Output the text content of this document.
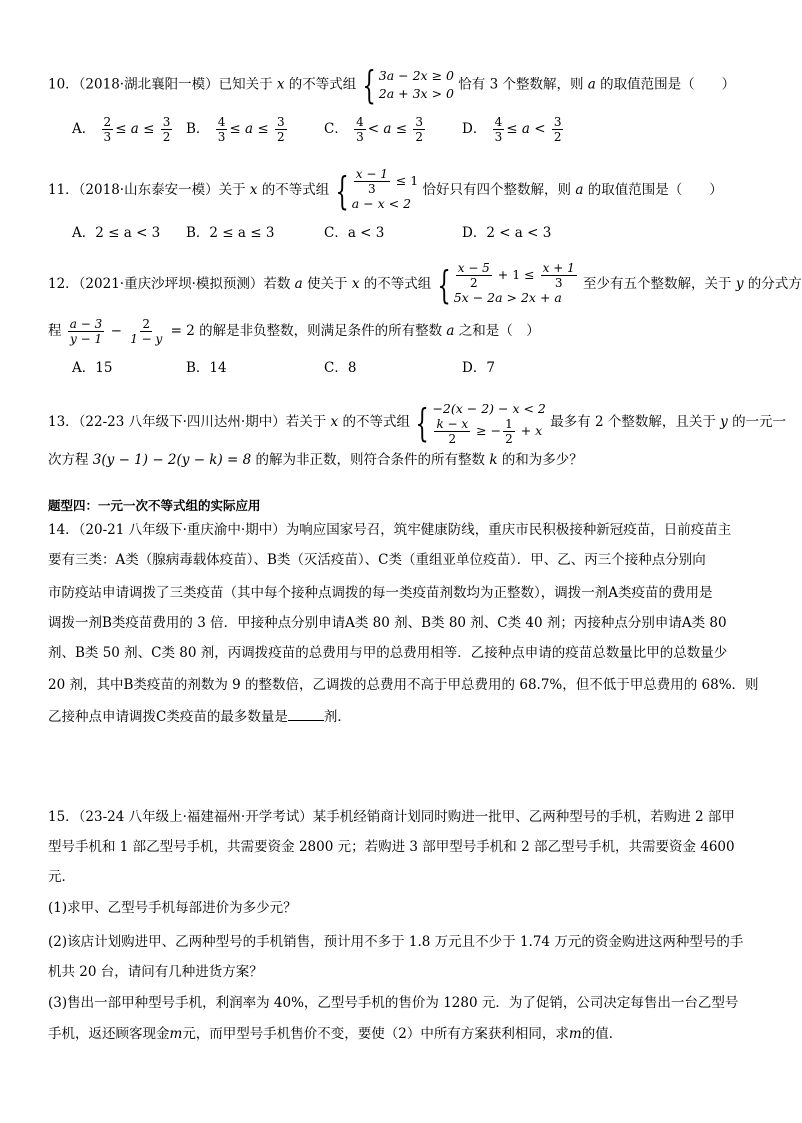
10．（2018·湖北襄阳一模）已知关于 x 的不等式组 { 3a − 2x ≥ 0
2a + 3x > 0
恰有 3 个整数解，则 a 的取值范围是（　　）
A． $\frac{2}{3} \le a \le \frac{3}{2}$ B． $\frac{4}{3} \le a \le \frac{3}{2}$	C． $\frac{4}{3} < a \le \frac{3}{2}$	D． $\frac{4}{3} \le a < \frac{3}{2}$
11．（2018·山东泰安一模）关于 x 的不等式组 { $\frac{x - 1}{3} \le 1$
a − x < 2
恰好只有四个整数解，则 a 的取值范围是（　　）
A．2 ≤ a < 3 B．2 ≤ a ≤ 3	C．a < 3	D．2 < a < 3
12．（2021·重庆沙坪坝·模拟预测）若数 a 使关于 x 的不等式组 { $\frac{x - 5}{2} + 1 \le \frac{x + 1}{3}$
5x − 2a > 2x + a
至少有五个整数解，关于 y 的分式方
程 $\frac{a - 3}{y - 1} - \frac{2}{1 - y} = 2$ 的解是非负整数，则满足条件的所有整数 a 之和是（　）
A．15	B．14	C．8	D．7
13．（22-23 八年级下·四川达州·期中）若关于 x 的不等式组 { −2(x − 2) − x < 2
$\frac{k - x}{2}$ ≥ − $\frac{1}{2} + x$
最多有 2 个整数解，且关于 y 的一元一
次方程 3(y − 1) − 2(y − k) = 8 的解为非正数，则符合条件的所有整数 k 的和为多少？
题型四：一元一次不等式组的实际应用
14．（20-21 八年级下·重庆渝中·期中）为响应国家号召，筑牢健康防线，重庆市民积极接种新冠疫苗，日前疫苗主
要有三类：A类（腺病毒载体疫苗）、B类（灭活疫苗）、C类（重组亚单位疫苗）．甲、乙、丙三个接种点分别向
市防疫站申请调拨了三类疫苗（其中每个接种点调拨的每一类疫苗剂数均为正整数），调拨一剂A类疫苗的费用是
调拨一剂B类疫苗费用的 3 倍．甲接种点分别申请A类 80 剂、B类 80 剂、C类 40 剂；丙接种点分别申请A类 80
剂、B类 50 剂、C类 80 剂，丙调拨疫苗的总费用与甲的总费用相等．乙接种点申请的疫苗总数量比甲的总数量少
20 剂，其中B类疫苗的剂数为 9 的整数倍，乙调拨的总费用不高于甲总费用的 68.7%，但不低于甲总费用的 68%．则
乙接种点申请调拨C类疫苗的最多数量是	剂．
15．（23-24 八年级上·福建福州·开学考试）某手机经销商计划同时购进一批甲、乙两种型号的手机，若购进 2 部甲
型号手机和 1 部乙型号手机，共需要资金 2800 元；若购进 3 部甲型号手机和 2 部乙型号手机，共需要资金 4600
元．
(1)求甲、乙型号手机每部进价为多少元？
(2)该店计划购进甲、乙两种型号的手机销售，预计用不多于 1.8 万元且不少于 1.74 万元的资金购进这两种型号的手
机共 20 台，请问有几种进货方案？
(3)售出一部甲种型号手机，利润率为 40%，乙型号手机的售价为 1280 元．为了促销，公司决定每售出一台乙型号
手机，返还顾客现金m元，而甲型号手机售价不变，要使（2）中所有方案获利相同，求m的值．
